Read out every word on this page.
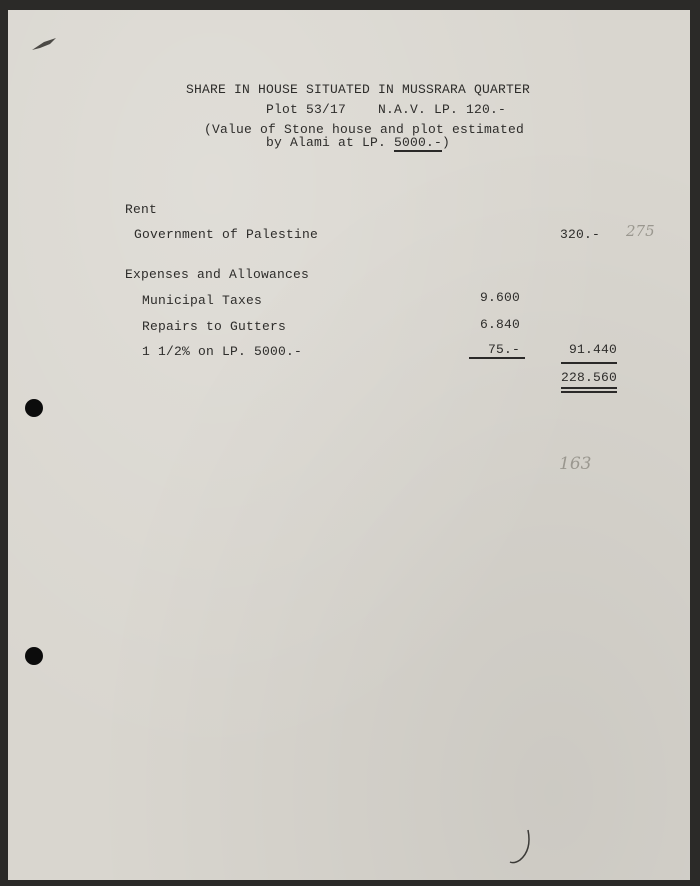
SHARE IN HOUSE SITUATED IN MUSSRARA QUARTER
Plot 53/17    N.A.V. LP. 120.-
(Value of Stone house and plot estimated
by Alami at LP. 5000.-)
Rent
Government of Palestine	320.- 275
Expenses and Allowances
Municipal Taxes	9.600
Repairs to Gutters	6.840
1 1/2% on LP. 5000.-	75.-	91.440
228.560
163
